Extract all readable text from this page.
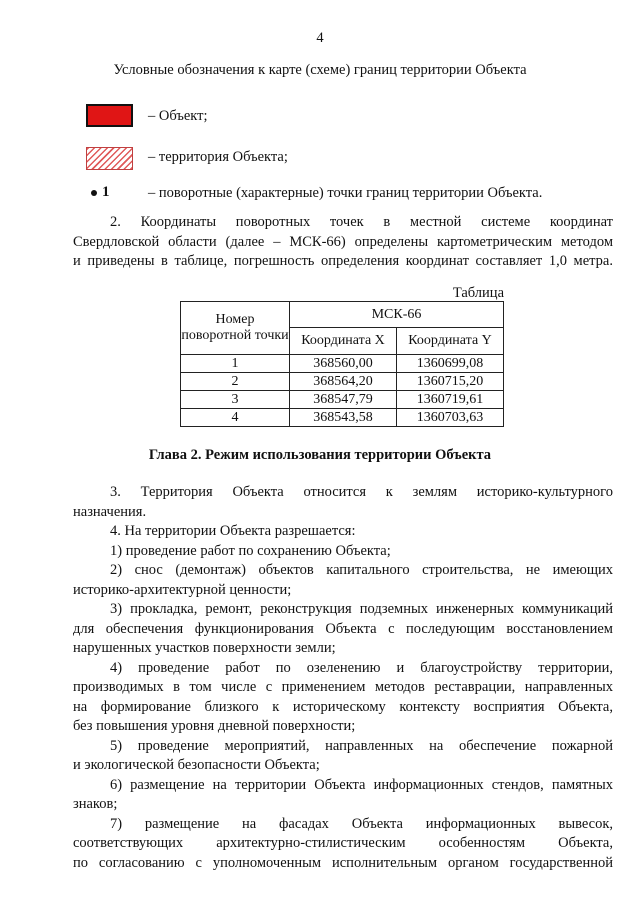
4
Условные обозначения к карте (схеме) границ территории Объекта
– Объект;
– территория Объекта;
1	– поворотные (характерные) точки границ территории Объекта.
2. Координаты поворотных точек в местной системе координат
Свердловской области (далее – МСК-66) определены картометрическим методом
и приведены в таблице, погрешность определения координат составляет 1,0 метра.
Таблица
Номер поворотной точки	МСК-66	
	Координата X	Координата Y
1	368560,00	1360699,08
2	368564,20	1360715,20
3	368547,79	1360719,61
4	368543,58	1360703,63
Глава 2. Режим использования территории Объекта
3. Территория Объекта относится к землям историко-культурного
назначения.
4. На территории Объекта разрешается:
1) проведение работ по сохранению Объекта;
2) снос (демонтаж) объектов капитального строительства, не имеющих
историко-архитектурной ценности;
3) прокладка, ремонт, реконструкция подземных инженерных коммуникаций
для обеспечения функционирования Объекта с последующим восстановлением
нарушенных участков поверхности земли;
4) проведение работ по озеленению и благоустройству территории,
производимых в том числе с применением методов реставрации, направленных
на формирование близкого к историческому контексту восприятия Объекта,
без повышения уровня дневной поверхности;
5) проведение мероприятий, направленных на обеспечение пожарной
и экологической безопасности Объекта;
6) размещение на территории Объекта информационных стендов, памятных
знаков;
7) размещение на фасадах Объекта информационных вывесок,
соответствующих архитектурно-стилистическим особенностям Объекта,
по согласованию с уполномоченным исполнительным органом государственной
